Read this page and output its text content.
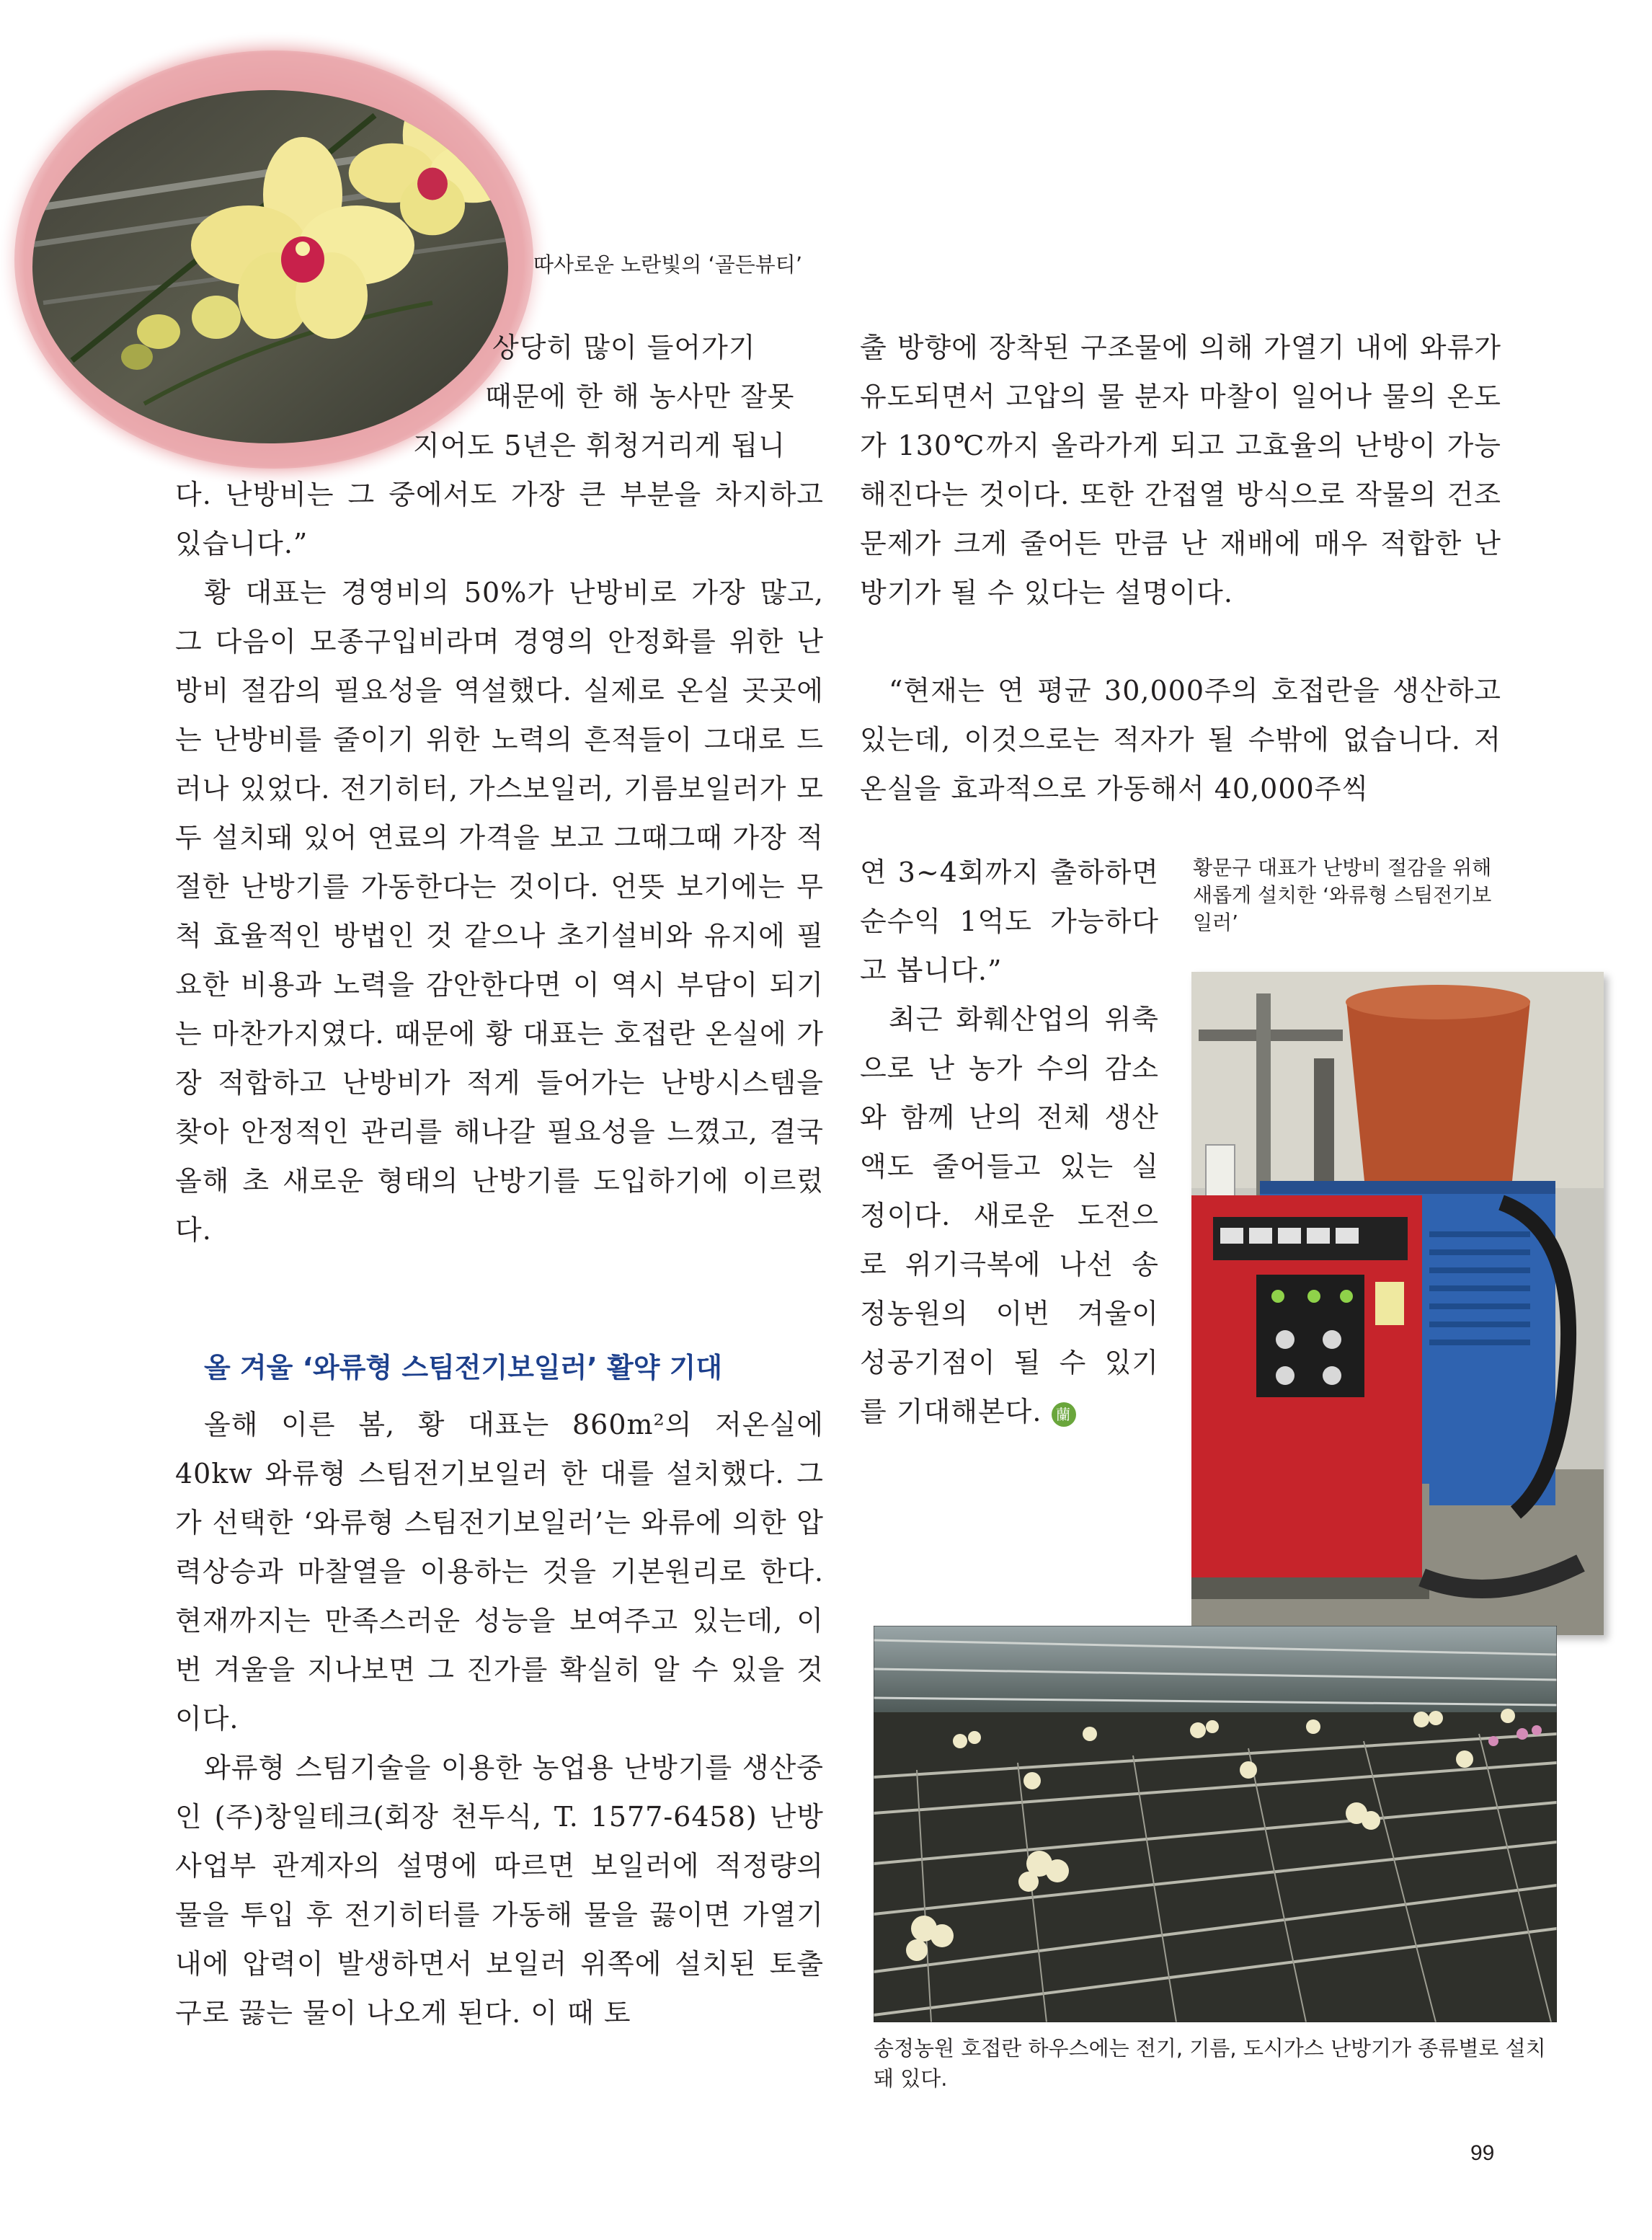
따사로운 노란빛의 ‘골든뷰티’

상당히 많이 들어가기

때문에 한 해 농사만 잘못

지어도 5년은 휘청거리게 됩니

다. 난방비는 그 중에서도 가장 큰 부분을 차지하고 있습니다.”

황 대표는 경영비의 50%가 난방비로 가장 많고, 그 다음이 모종구입비라며 경영의 안정화를 위한 난방비 절감의 필요성을 역설했다. 실제로 온실 곳곳에는 난방비를 줄이기 위한 노력의 흔적들이 그대로 드러나 있었다. 전기히터, 가스보일러, 기름보일러가 모두 설치돼 있어 연료의 가격을 보고 그때그때 가장 적절한 난방기를 가동한다는 것이다. 언뜻 보기에는 무척 효율적인 방법인 것 같으나 초기설비와 유지에 필요한 비용과 노력을 감안한다면 이 역시 부담이 되기는 마찬가지였다. 때문에 황 대표는 호접란 온실에 가장 적합하고 난방비가 적게 들어가는 난방시스템을 찾아 안정적인 관리를 해나갈 필요성을 느꼈고, 결국 올해 초 새로운 형태의 난방기를 도입하기에 이르렀다.

올 겨울 ‘와류형 스팀전기보일러’ 활약 기대

올해 이른 봄, 황 대표는 860m²의 저온실에 40kw 와류형 스팀전기보일러 한 대를 설치했다. 그가 선택한 ‘와류형 스팀전기보일러’는 와류에 의한 압력상승과 마찰열을 이용하는 것을 기본원리로 한다. 현재까지는 만족스러운 성능을 보여주고 있는데, 이번 겨울을 지나보면 그 진가를 확실히 알 수 있을 것이다.

와류형 스팀기술을 이용한 농업용 난방기를 생산중인 (주)창일테크(회장 천두식, T. 1577-6458) 난방사업부 관계자의 설명에 따르면 보일러에 적정량의 물을 투입 후 전기히터를 가동해 물을 끓이면 가열기 내에 압력이 발생하면서 보일러 위쪽에 설치된 토출구로 끓는 물이 나오게 된다. 이 때 토

출 방향에 장착된 구조물에 의해 가열기 내에 와류가 유도되면서 고압의 물 분자 마찰이 일어나 물의 온도가 130℃까지 올라가게 되고 고효율의 난방이 가능해진다는 것이다. 또한 간접열 방식으로 작물의 건조문제가 크게 줄어든 만큼 난 재배에 매우 적합한 난방기가 될 수 있다는 설명이다.

“현재는 연 평균 30,000주의 호접란을 생산하고 있는데, 이것으로는 적자가 될 수밖에 없습니다. 저온실을 효과적으로 가동해서 40,000주씩

연 3~4회까지 출하하면 순수익 1억도 가능하다고 봅니다.”

최근 화훼산업의 위축으로 난 농가 수의 감소와 함께 난의 전체 생산액도 줄어들고 있는 실정이다. 새로운 도전으로 위기극복에 나선 송정농원의 이번 겨울이 성공기점이 될 수 있기를 기대해본다. 蘭

황문구 대표가 난방비 절감을 위해 새롭게 설치한 ‘와류형 스팀전기보일러’
송정농원 호접란 하우스에는 전기, 기름, 도시가스 난방기가 종류별로 설치돼 있다.
99
